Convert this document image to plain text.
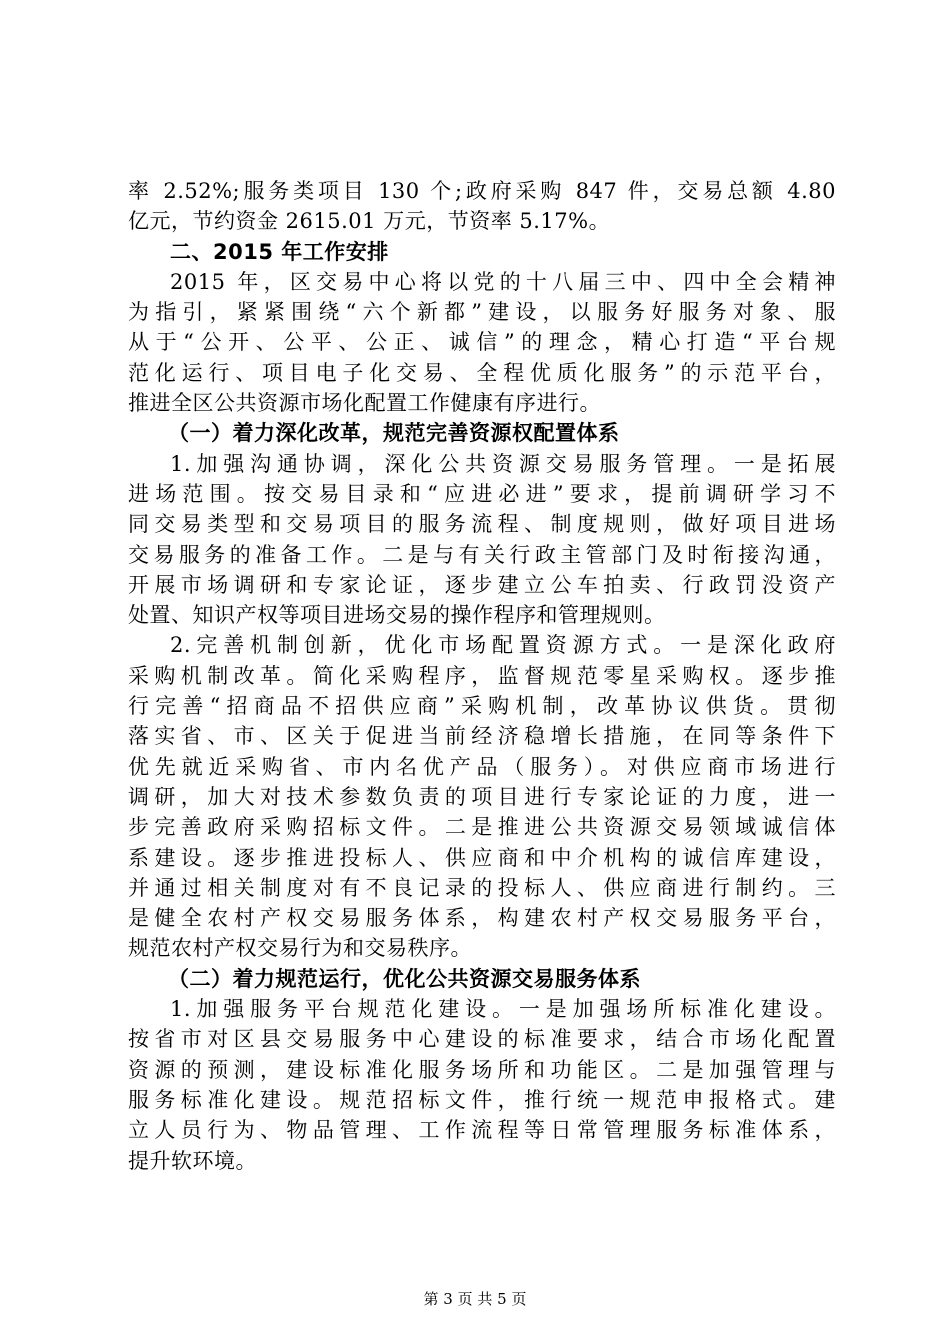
率 2.52%;服务类项目 130 个;政府采购 847 件，交易总额 4.80
亿元，节约资金 2615.01 万元，节资率 5.17%。
二、2015 年工作安排
2015 年，区交易中心将以党的十八届三中、四中全会精神
为指引，紧紧围绕“六个新都”建设，以服务好服务对象、服
从于“公开、公平、公正、诚信”的理念，精心打造“平台规
范化运行、项目电子化交易、全程优质化服务”的示范平台，
推进全区公共资源市场化配置工作健康有序进行。
（一）着力深化改革，规范完善资源权配置体系
1.加强沟通协调，深化公共资源交易服务管理。一是拓展
进场范围。按交易目录和“应进必进”要求，提前调研学习不
同交易类型和交易项目的服务流程、制度规则，做好项目进场
交易服务的准备工作。二是与有关行政主管部门及时衔接沟通，
开展市场调研和专家论证，逐步建立公车拍卖、行政罚没资产
处置、知识产权等项目进场交易的操作程序和管理规则。
2.完善机制创新，优化市场配置资源方式。一是深化政府
采购机制改革。简化采购程序，监督规范零星采购权。逐步推
行完善“招商品不招供应商”采购机制，改革协议供货。贯彻
落实省、市、区关于促进当前经济稳增长措施，在同等条件下
优先就近采购省、市内名优产品（服务）。对供应商市场进行
调研，加大对技术参数负责的项目进行专家论证的力度，进一
步完善政府采购招标文件。二是推进公共资源交易领域诚信体
系建设。逐步推进投标人、供应商和中介机构的诚信库建设，
并通过相关制度对有不良记录的投标人、供应商进行制约。三
是健全农村产权交易服务体系，构建农村产权交易服务平台，
规范农村产权交易行为和交易秩序。
（二）着力规范运行，优化公共资源交易服务体系
1.加强服务平台规范化建设。一是加强场所标准化建设。
按省市对区县交易服务中心建设的标准要求，结合市场化配置
资源的预测，建设标准化服务场所和功能区。二是加强管理与
服务标准化建设。规范招标文件，推行统一规范申报格式。建
立人员行为、物品管理、工作流程等日常管理服务标准体系，
提升软环境。
第 3 页 共 5 页
